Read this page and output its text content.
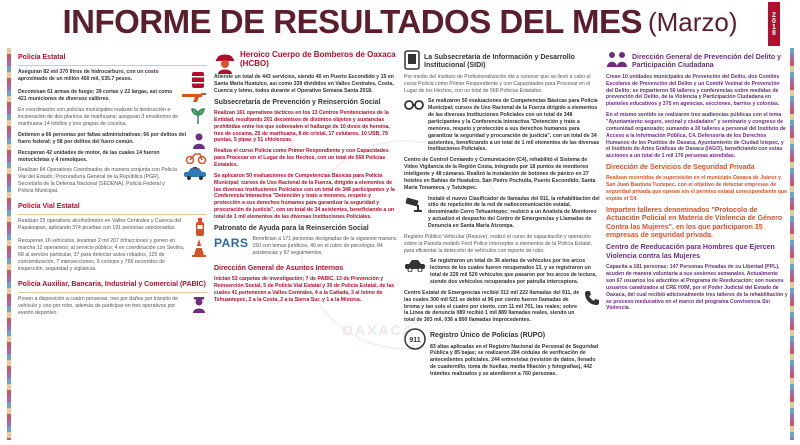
INFORME DE RESULTADOS DEL MES (Marzo)	2018
OAXACA
Policía Estatal
Aseguran 82 mil 370 litros de hidrocarburo, con un costo aproximado de un millón 450 mil, 535.7 pesos.
Decomisan 61 armas de fuego; 39 cortas y 22 largas, así como 421 municiones de diversos calibres.
En coordinación con policías municipales realizan la destrucción e incineración de dos plantíos de marihuana; aseguran 3 envoltorios de marihuana 14 lotrillos y tres grapas de cocaína.
Detienen a 66 personas por faltas administrativas; 66 por delitos del fuero federal; y 58 por delitos del fuero común.
Recuperan 42 unidades de motor, de las cuales 14 fueron motocicletas y 4 remolques.
Realizan 84 Operativos Coordinados de manera conjunta con Policía Vial del Estado, Procuraduría General de la República (PGR), Secretaría de la Defensa Nacional (SEDENA), Policía Federal y Policía Municipal.
Policía Vial Estatal
Realizan 25 operativos alcoholímetro en Valles Centrales y Cuenca del Papaloapan, aplicando 374 pruebas con 191 personas sancionadas.
Recuperan 16 vehículos, levantan 2 mil 207 infracciones y ponen en marcha 12 operativos; al servicio público; 4 en coordinación con Sevitra, 68 al servicio particular, 37 para detectar autos robados, 125 de concientización, 7 intersecciones, 9 cortejos y 766 recorridos de inspección, seguridad y vigilancia.
Policía Auxiliar, Bancaria, Industrial y Comercial (PABIC)
Ponen a disposición a cuatro personas; tres por daños por tránsito de vehículo y uno por robo, además de participar en tres operativos por evento deportivo.
Heroico Cuerpo de Bomberos de Oaxaca (HCBO)
Atiende un total de 443 servicios, siendo 40 en Puerto Escondido y 15 en Santa María Huatulco, así como 339 divididos en Valles Centrales, Costa, Cuenca y Istmo, todos durante el Operativo Semana Santa 2018.
Subsecretaría de Prevención y Reinserción Social
Realizan 161 operativos tácticos en los 13 Centros Penitenciarios de la Entidad, resultando 201 decomisos de distintos objetos y sustancias prohibidas entre los que sobresalen el hallazgo de 10 dosis de heroína, tres de cocaína, 25 de marihuana, 8 de cristal, 17 celulares, 10 USB, 79 puntas, 5 pipas y 51 chiclenzas.
Realiza el curso Policía como Primer Respondiente y con Capacidades para Procesar en el Lugar de los Hechos, con un total de 568 Policías Estatales.
Se aplicaron 50 evaluaciones de Competencias Básicas para Policía Municipal; cursos de Uso Racional de la Fuerza, dirigido a elementos de las diversas Instituciones Policiales con un total de 348 participantes y la Conferencia Interactiva "Detención y trato a menores, respeto y protección a sus derechos humanos para garantizar la seguridad y procuración de justicia", con un total de 34 asistentes, beneficiando a un total de 1 mil elementos de las diversas Instituciones Policiales.
Patronato de Ayuda para la Reinserción Social
PARS Benefician a 171 personas designadas de la siguiente manera: 150 con temas jurídicos, 40 en el rubro de psicología, 84 asistencias y 97 seguimientos.
Dirección General de Asuntos Internos
Inician 53 carpetas de investigación; 7 de PABIC, 13 de Prevención y Reinserción Social, 5 de Policía Vial Estatal y 30 de Policía Estatal, de las cuales 41 pertenecen a Valles Centrales, 4 a la Cañada, 3 al Istmo de Tehuantepec, 2 a la Costa, 2 a la Sierra Sur, y 1 a la Mixteca.
La Subsecretaría de Información y Desarrollo Institucional (SIDI)
Por medio del Instituto de Profesionalización dio a conocer que se llevó a cabo el curso Policía como Primer Respondiente y con Capacidades para Procesar en el Lugar de los Hechos, con un total de 568 Policías Estatales.
Se realizaron 50 evaluaciones de Competencias Básicas para Policía Municipal; cursos de Uso Racional de la Fuerza dirigido a elementos de las diversas Instituciones Policiales con un total de 348 participantes y la Conferencia interactiva "Detención y trato a menores, respeto y protección a sus derechos humanos para garantizar la seguridad y procuración de justicia", con un total de 34 asistentes, beneficiando a un total de 1 mil elementos de las diversas Instituciones Policiales.
Centro de Control Comando y Comunicación (C4), rehabilitó el Sistema de Video Vigilancia de la Región Costa, integrado por 18 puntos de monitoreo inteligente y 48 cámaras. Realizó la instalación de botones de pánico en 27 hoteles en Bahías de Huatulco, San Pedro Pochutla, Puerto Escondido, Santa María Tonameca, y Tututepec.
Instaló el nuevo Clasificador de llamadas del 911, la rehabilitación del sitio de repetición de la red de radiocomunicación estatal, denominado Cerro Tehuantepec; reubicó a un Analista de Monitoreo y actualizó el despacho del Centro de Emergencias y Llamadas de Denuncia en Santa María Atzompa.
Registro Público Vehicular (Repuve), realizó el curso de capacitación y operación sobre la Patrulla modelo Ford Police Interceptor a elementos de la Policía Estatal, para eficientar la detección de vehículos con reporte de robo.
Se registraron un total de 36 alertas de vehículos por los arcos lectores de los cuales fueron recuperados 13, y se registraron un total de 229 mil 520 vehículos que pasaron por los arcos de lectura, siendo dos vehículos recuperados por patrulla interceptora.
Centro Estatal de Emergencias recibió 312 mil 222 llamadas del 911, de las cuales 300 mil 521 se debió al 96 por ciento fueron llamadas de broma y tan solo el cuatro por ciento, con 11 mil 701, las reales; sobre la Línea de denuncia 089 recibió 1 mil 889 llamadas reales, siendo un total de 303 mil, 036 a 800 llamadas improcedentes.
911
Registro Único de Policías (RUPO)
83 altas aplicadas en el Registro Nacional de Personal de Seguridad Pública y 85 bajas; se realizaron 284 cédulas de verificación de antecedentes policiales, 244 entrevistas (revisión de datos, llenado de cuadernillo, toma de huellas, media filiación y fotografías), 442 trámites realizados y se atendieron a 760 personas.
Dirección General de Prevención del Delito y Participación Ciudadana
Crean 10 unidades municipales de Prevención del Delito, dos Comités Escolares de Prevención del Delito y un Comité Vecinal de Prevención del Delito; se impartieron 56 talleres y conferencias sobre medidas de prevención del Delito, de la Violencia y Participación Ciudadana en planteles educativos y 375 en agencias, secciones, barrios y colonias.
En el mismo sentido se realizaron tres audiencias públicas con el tema "Ayuntamiento seguro, vecinal y ciudadano" y seminario y congreso de comunidad organizado; sumando a 30 talleres a personal del Instituto de Acceso a la Información Pública, C4, Defensoría de los Derechos Humanos de los Pueblos de Oaxaca, Ayuntamiento de Ciudad Ixtepec, y el Instituto de Artes Gráficas de Oaxaca (IAGO), beneficiando con estas acciones a un total de 1 mil 176 personas atendidas.
Dirección de Servicios de Seguridad Privada
Realizan recorridos de supervisión en el municipio Oaxaca de Juárez y San Juan Bautista Tuxtepec, con el objetivo de detectar empresas de seguridad privada que operan sin el permiso estatal correspondiente que expide el C4.
Imparten talleres denominados "Protocolo de Actuación Policial en Materia de Violencia de Género Contra las Mujeres", en los que participaron 35 empresas de seguridad privada.
Centro de Reeducación para Hombres que Ejercen Violencia contra las Mujeres
Capacita a 181 personas: 147 Personas Privadas de su Libertad (PPL), acuden de manera voluntaria a sus sesiones semanales. Actualmente son 67 usuarios los adscritos al Programa de Reeducación; son nuevos usuarios canalizados al CRE HXM, por el Poder Judicial del Estado de Oaxaca, del cual recibió adicionalmente tres talleres de la rehabilitación y se proceso reeducativo en el marco del programa Convivencia Sin Violencia.
